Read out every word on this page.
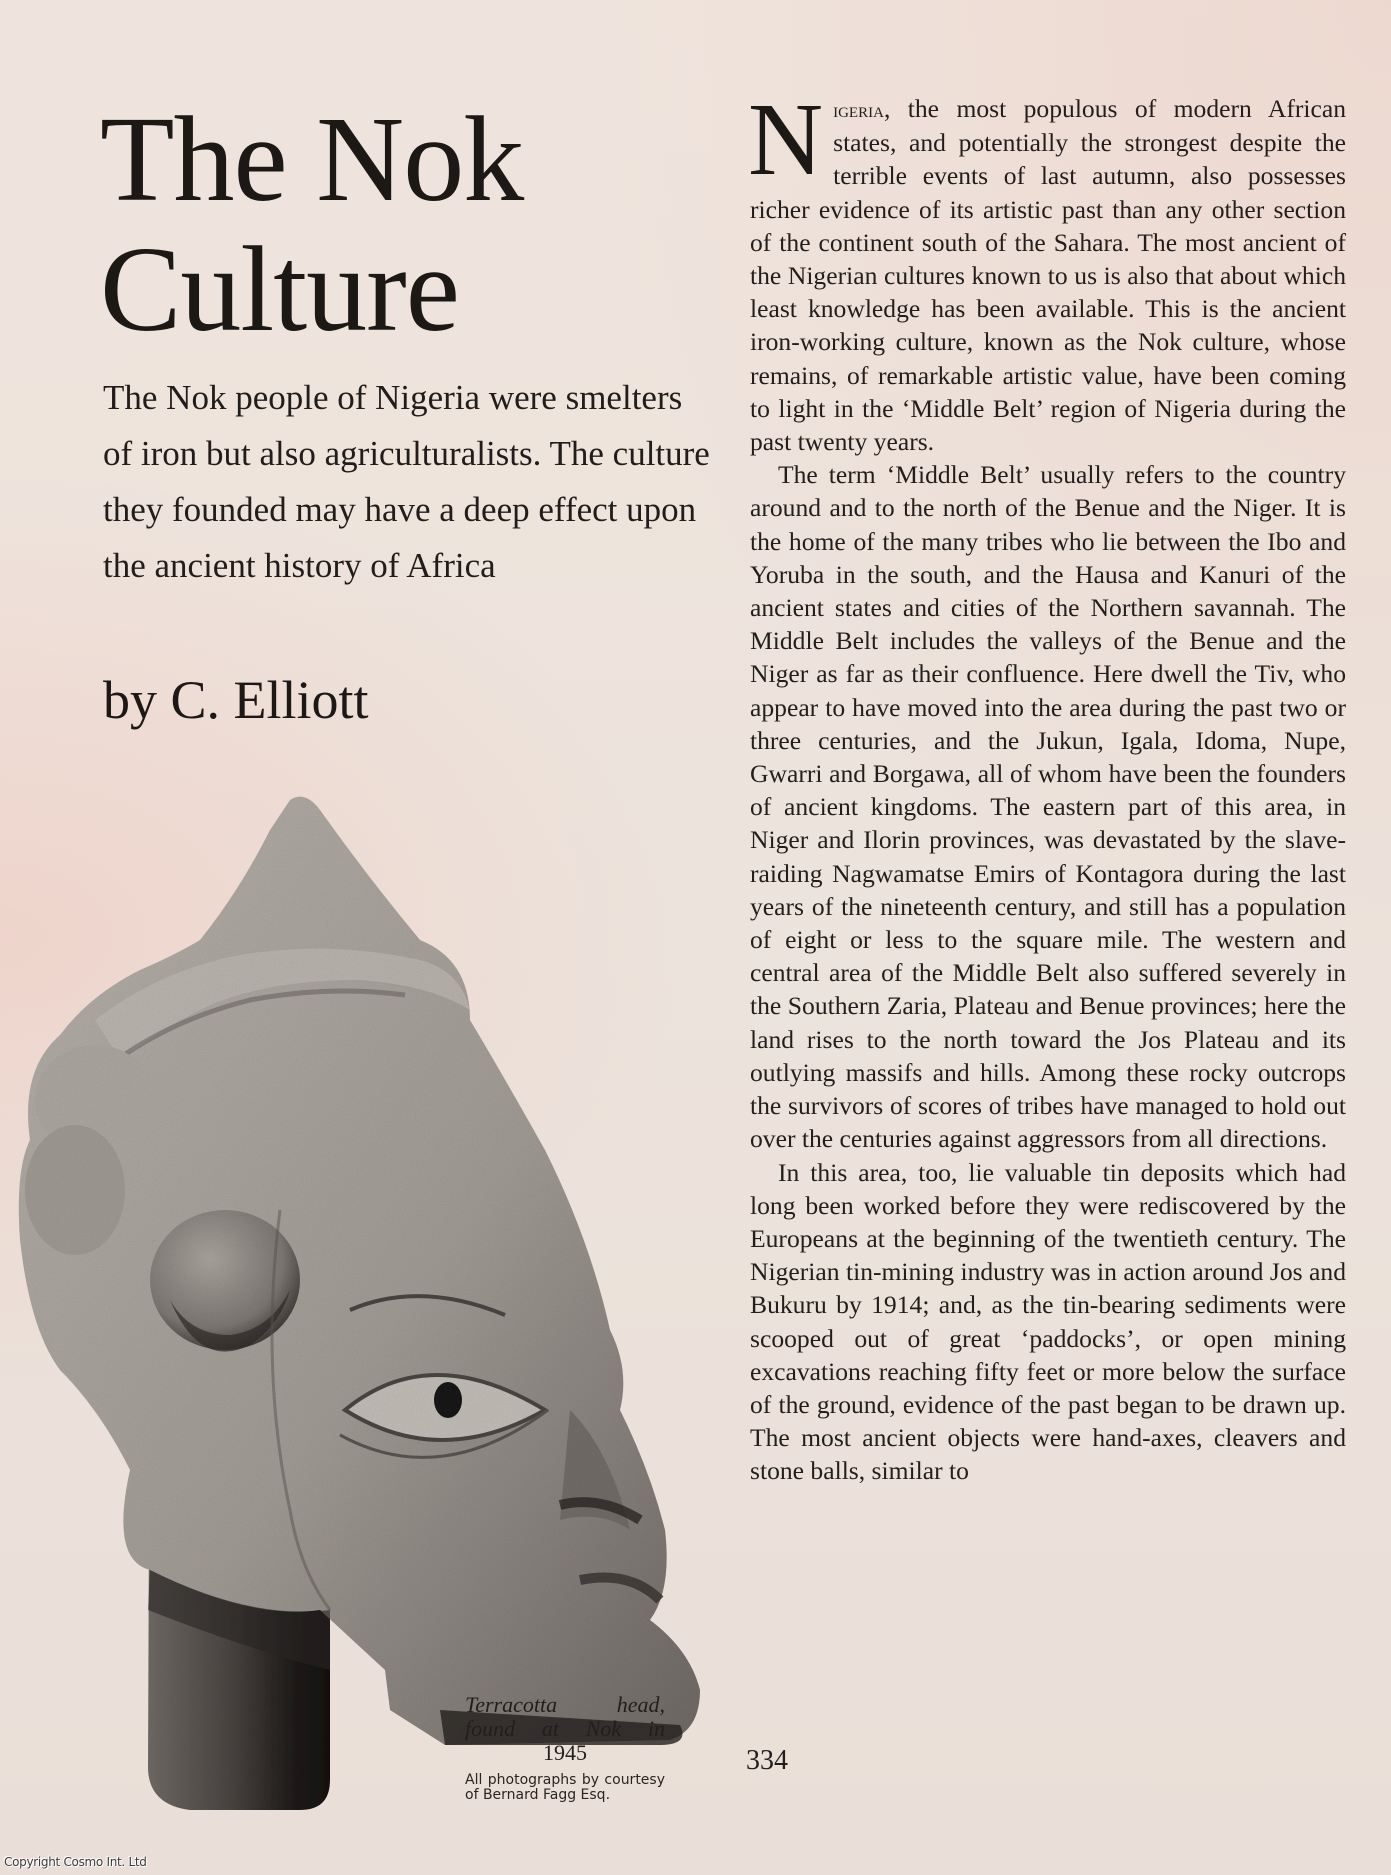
The Nok
Culture

The Nok people of Nigeria were smelters of iron but also agriculturalists. The culture they founded may have a deep effect upon the ancient history of Africa

by C. Elliott

Nigeria, the most populous of modern African states, and potentially the strongest despite the terrible events of last autumn, also possesses richer evidence of its artistic past than any other section of the continent south of the Sahara. The most ancient of the Nigerian cultures known to us is also that about which least knowledge has been available. This is the ancient iron-working culture, known as the Nok culture, whose remains, of remarkable artistic value, have been coming to light in the ‘Middle Belt’ region of Nigeria during the past twenty years.

The term ‘Middle Belt’ usually refers to the country around and to the north of the Benue and the Niger. It is the home of the many tribes who lie between the Ibo and Yoruba in the south, and the Hausa and Kanuri of the ancient states and cities of the Northern savannah. The Middle Belt includes the valleys of the Benue and the Niger as far as their confluence. Here dwell the Tiv, who appear to have moved into the area during the past two or three centuries, and the Jukun, Igala, Idoma, Nupe, Gwarri and Borgawa, all of whom have been the founders of ancient kingdoms. The eastern part of this area, in Niger and Ilorin provinces, was devastated by the slave-raiding Nagwamatse Emirs of Kontagora during the last years of the nineteenth century, and still has a population of eight or less to the square mile. The western and central area of the Middle Belt also suffered severely in the Southern Zaria, Plateau and Benue provinces; here the land rises to the north toward the Jos Plateau and its outlying massifs and hills. Among these rocky outcrops the survivors of scores of tribes have managed to hold out over the centuries against aggressors from all directions.

In this area, too, lie valuable tin deposits which had long been worked before they were rediscovered by the Europeans at the beginning of the twentieth century. The Nigerian tin-mining industry was in action around Jos and Bukuru by 1914; and, as the tin-bearing sediments were scooped out of great ‘paddocks’, or open mining excavations reaching fifty feet or more below the surface of the ground, evidence of the past began to be drawn up. The most ancient objects were hand-axes, cleavers and stone balls, similar to

Terracotta head, found at Nok in
1945
All photographs by courtesy of Bernard Fagg Esq.
334
Copyright Cosmo Int. Ltd
